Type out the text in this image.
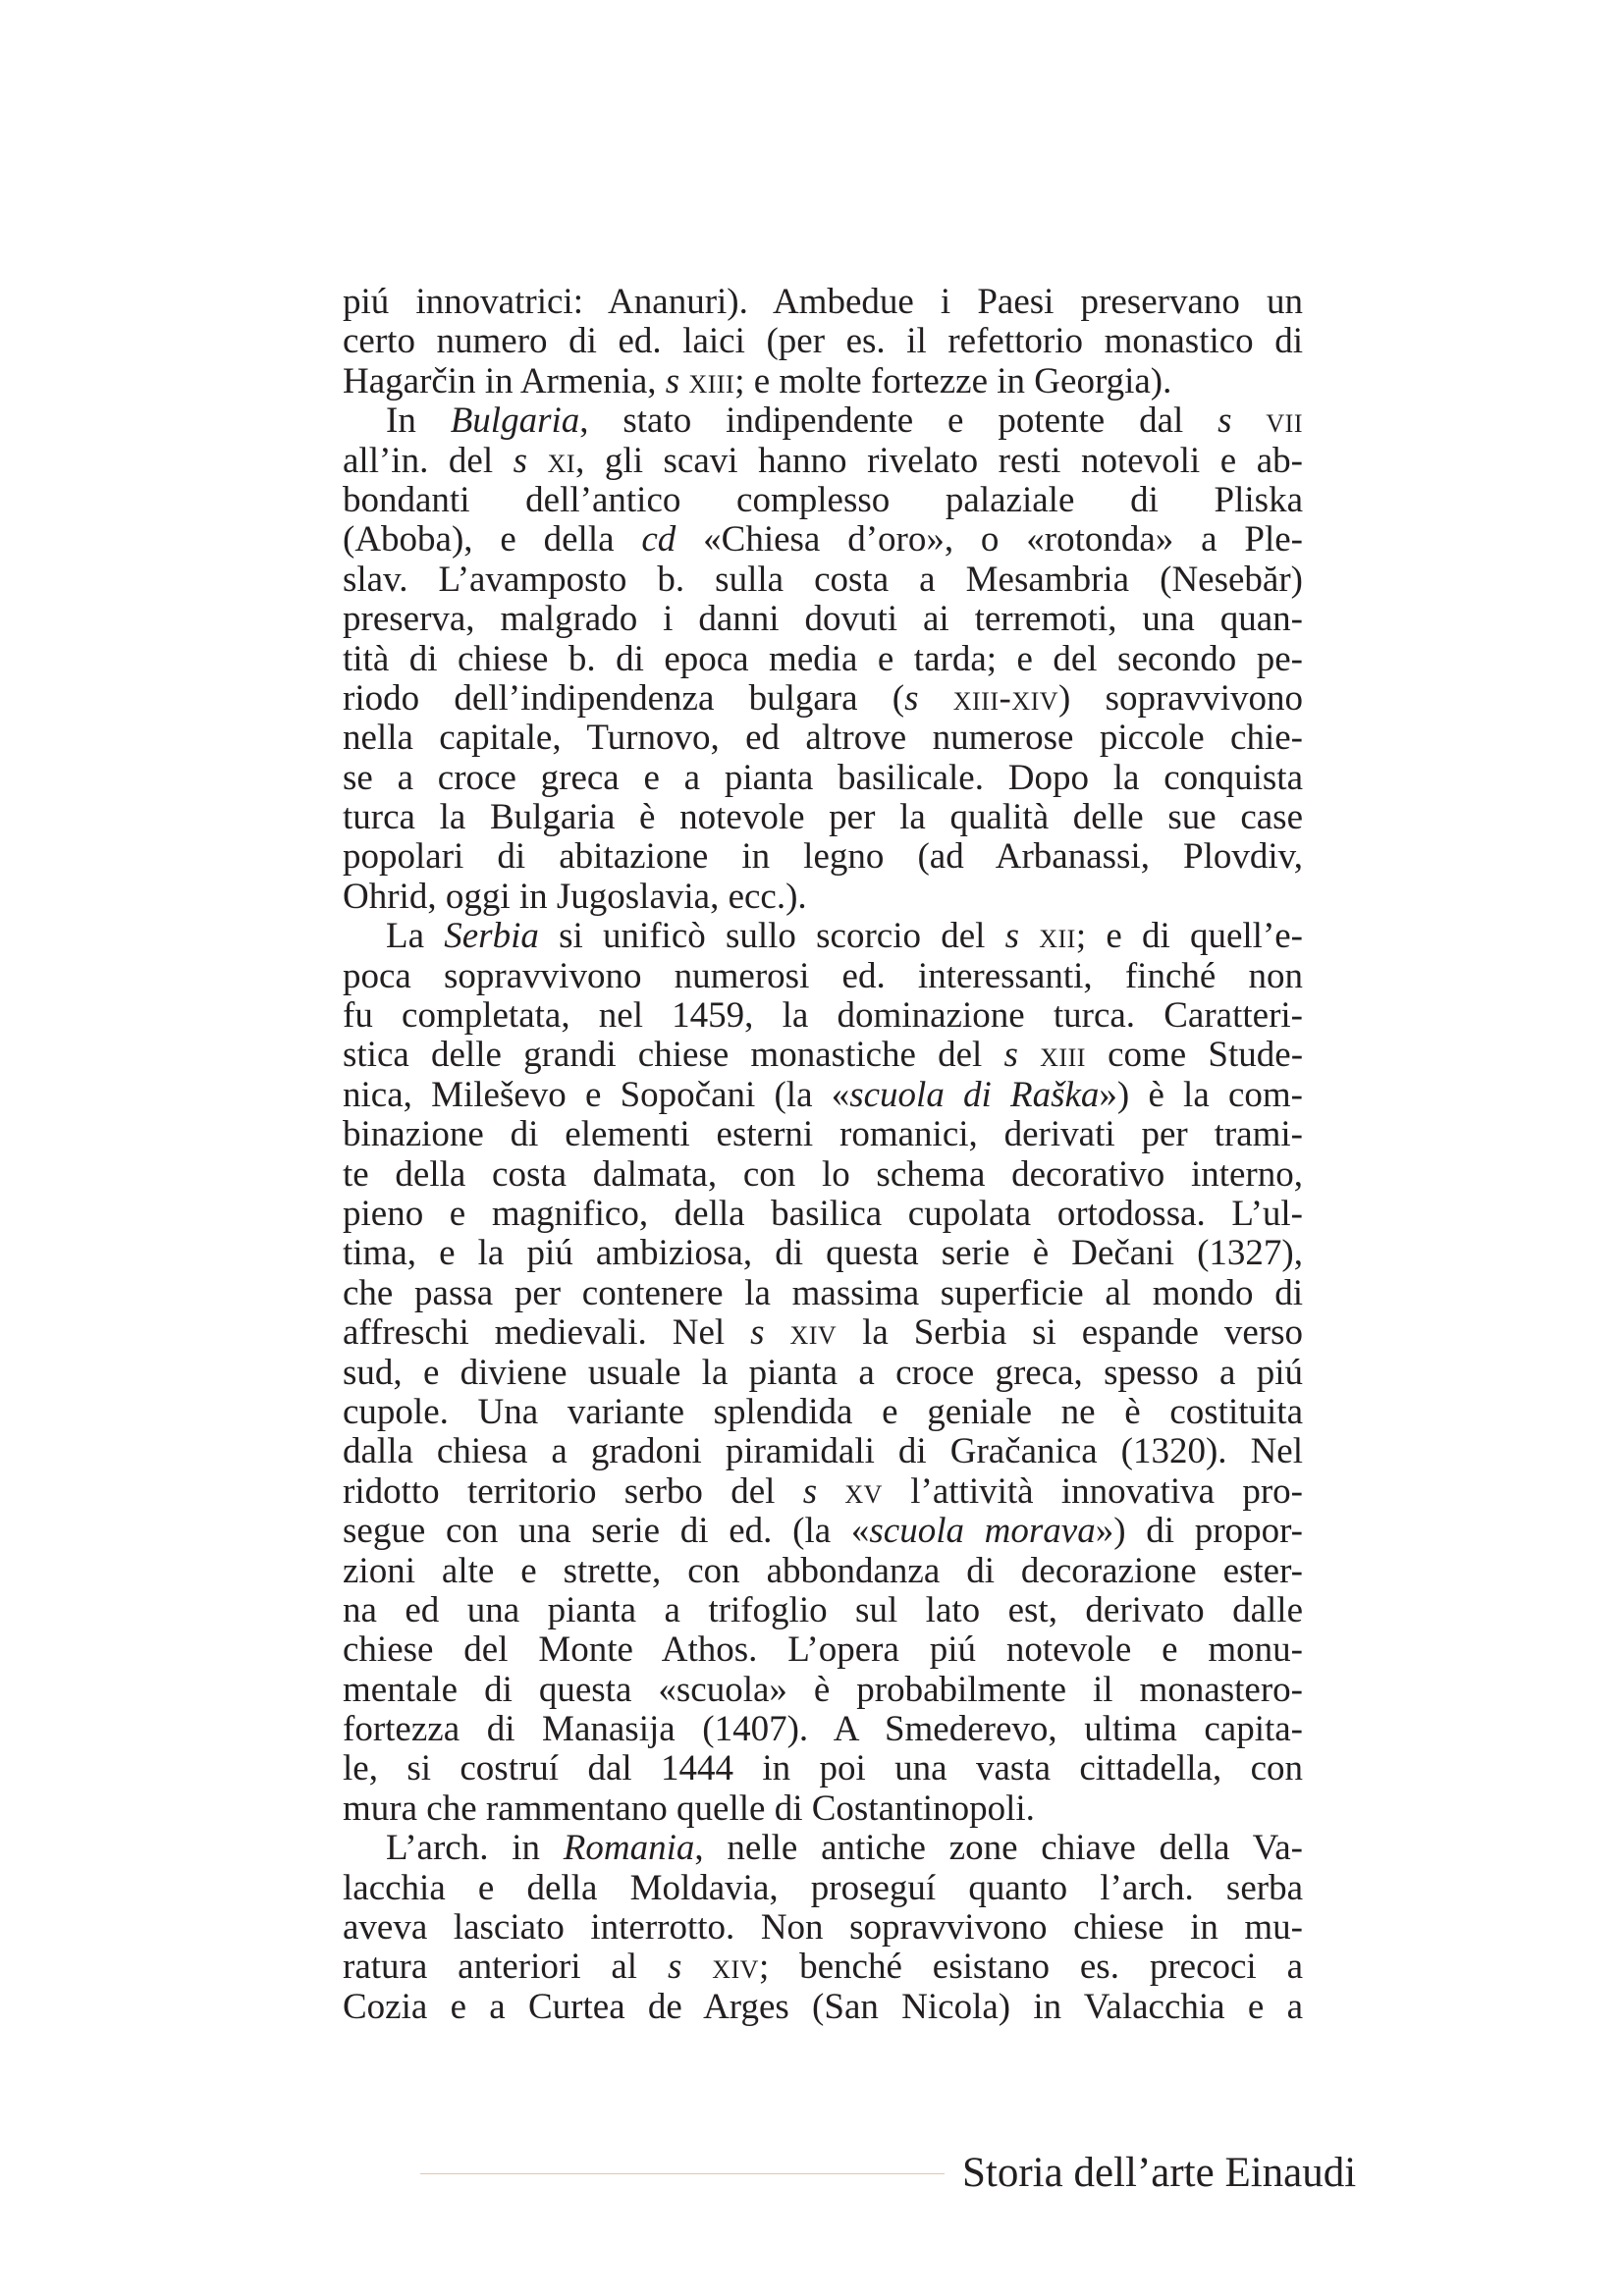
piú innovatrici: Ananuri). Ambedue i Paesi preservano un
certo numero di ed. laici (per es. il refettorio monastico di
Hagarčin in Armenia, s xiii; e molte fortezze in Georgia).
In Bulgaria, stato indipendente e potente dal s vii
all’in. del s xi, gli scavi hanno rivelato resti notevoli e ab-
bondanti dell’antico complesso palaziale di Pliska
(Aboba), e della cd «Chiesa d’oro», o «rotonda» a Ple-
slav. L’avamposto b. sulla costa a Mesambria (Nesebăr)
preserva, malgrado i danni dovuti ai terremoti, una quan-
tità di chiese b. di epoca media e tarda; e del secondo pe-
riodo dell’indipendenza bulgara (s xiii-xiv) sopravvivono
nella capitale, Turnovo, ed altrove numerose piccole chie-
se a croce greca e a pianta basilicale. Dopo la conquista
turca la Bulgaria è notevole per la qualità delle sue case
popolari di abitazione in legno (ad Arbanassi, Plovdiv,
Ohrid, oggi in Jugoslavia, ecc.).
La Serbia si unificò sullo scorcio del s xii; e di quell’e-
poca sopravvivono numerosi ed. interessanti, finché non
fu completata, nel 1459, la dominazione turca. Caratteri-
stica delle grandi chiese monastiche del s xiii come Stude-
nica, Mileševo e Sopočani (la «scuola di Raška») è la com-
binazione di elementi esterni romanici, derivati per trami-
te della costa dalmata, con lo schema decorativo interno,
pieno e magnifico, della basilica cupolata ortodossa. L’ul-
tima, e la piú ambiziosa, di questa serie è Dečani (1327),
che passa per contenere la massima superficie al mondo di
affreschi medievali. Nel s xiv la Serbia si espande verso
sud, e diviene usuale la pianta a croce greca, spesso a piú
cupole. Una variante splendida e geniale ne è costituita
dalla chiesa a gradoni piramidali di Gračanica (1320). Nel
ridotto territorio serbo del s xv l’attività innovativa pro-
segue con una serie di ed. (la «scuola morava») di propor-
zioni alte e strette, con abbondanza di decorazione ester-
na ed una pianta a trifoglio sul lato est, derivato dalle
chiese del Monte Athos. L’opera piú notevole e monu-
mentale di questa «scuola» è probabilmente il monastero-
fortezza di Manasija (1407). A Smederevo, ultima capita-
le, si costruí dal 1444 in poi una vasta cittadella, con
mura che rammentano quelle di Costantinopoli.
L’arch. in Romania, nelle antiche zone chiave della Va-
lacchia e della Moldavia, proseguí quanto l’arch. serba
aveva lasciato interrotto. Non sopravvivono chiese in mu-
ratura anteriori al s xiv; benché esistano es. precoci a
Cozia e a Curtea de Arges (San Nicola) in Valacchia e a
Storia dell’arte Einaudi
